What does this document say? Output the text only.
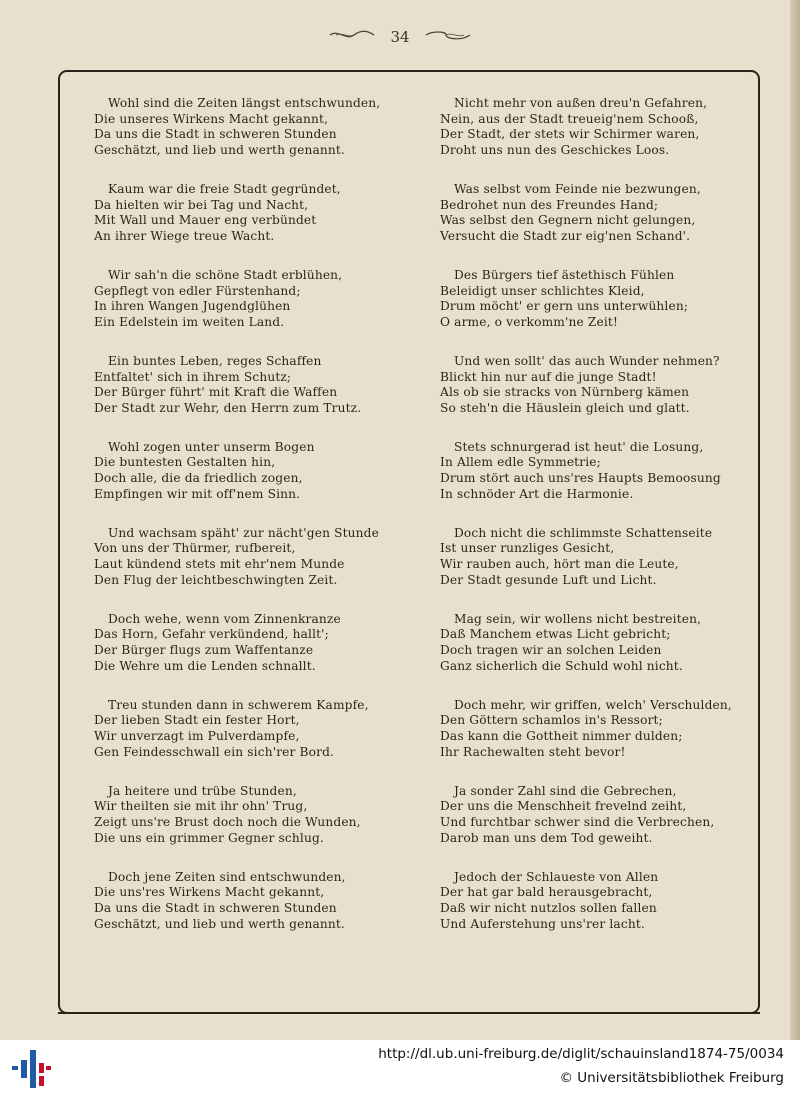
34
Wohl sind die Zeiten längst entschwunden,
Die unseres Wirkens Macht gekannt,
Da uns die Stadt in schweren Stunden
Geschätzt, und lieb und werth genannt.
Kaum war die freie Stadt gegründet,
Da hielten wir bei Tag und Nacht,
Mit Wall und Mauer eng verbündet
An ihrer Wiege treue Wacht.
Wir sah'n die schöne Stadt erblühen,
Gepflegt von edler Fürstenhand;
In ihren Wangen Jugendglühen
Ein Edelstein im weiten Land.
Ein buntes Leben, reges Schaffen
Entfaltet' sich in ihrem Schutz;
Der Bürger führt' mit Kraft die Waffen
Der Stadt zur Wehr, den Herrn zum Trutz.
Wohl zogen unter unserm Bogen
Die buntesten Gestalten hin,
Doch alle, die da friedlich zogen,
Empfingen wir mit off'nem Sinn.
Und wachsam späht' zur nächt'gen Stunde
Von uns der Thürmer, rufbereit,
Laut kündend stets mit ehr'nem Munde
Den Flug der leichtbeschwingten Zeit.
Doch wehe, wenn vom Zinnenkranze
Das Horn, Gefahr verkündend, hallt';
Der Bürger flugs zum Waffentanze
Die Wehre um die Lenden schnallt.
Treu stunden dann in schwerem Kampfe,
Der lieben Stadt ein fester Hort,
Wir unverzagt im Pulverdampfe,
Gen Feindesschwall ein sich'rer Bord.
Ja heitere und trübe Stunden,
Wir theilten sie mit ihr ohn' Trug,
Zeigt uns're Brust doch noch die Wunden,
Die uns ein grimmer Gegner schlug.
Doch jene Zeiten sind entschwunden,
Die uns'res Wirkens Macht gekannt,
Da uns die Stadt in schweren Stunden
Geschätzt, und lieb und werth genannt.
Nicht mehr von außen dreu'n Gefahren,
Nein, aus der Stadt treueig'nem Schooß,
Der Stadt, der stets wir Schirmer waren,
Droht uns nun des Geschickes Loos.
Was selbst vom Feinde nie bezwungen,
Bedrohet nun des Freundes Hand;
Was selbst den Gegnern nicht gelungen,
Versucht die Stadt zur eig'nen Schand'.
Des Bürgers tief ästethisch Fühlen
Beleidigt unser schlichtes Kleid,
Drum möcht' er gern uns unterwühlen;
O arme, o verkomm'ne Zeit!
Und wen sollt' das auch Wunder nehmen?
Blickt hin nur auf die junge Stadt!
Als ob sie stracks von Nürnberg kämen
So steh'n die Häuslein gleich und glatt.
Stets schnurgerad ist heut' die Losung,
In Allem edle Symmetrie;
Drum stört auch uns'res Haupts Bemoosung
In schnöder Art die Harmonie.
Doch nicht die schlimmste Schattenseite
Ist unser runzliges Gesicht,
Wir rauben auch, hört man die Leute,
Der Stadt gesunde Luft und Licht.
Mag sein, wir wollens nicht bestreiten,
Daß Manchem etwas Licht gebricht;
Doch tragen wir an solchen Leiden
Ganz sicherlich die Schuld wohl nicht.
Doch mehr, wir griffen, welch' Verschulden,
Den Göttern schamlos in's Ressort;
Das kann die Gottheit nimmer dulden;
Ihr Rachewalten steht bevor!
Ja sonder Zahl sind die Gebrechen,
Der uns die Menschheit frevelnd zeiht,
Und furchtbar schwer sind die Verbrechen,
Darob man uns dem Tod geweiht.
Jedoch der Schlaueste von Allen
Der hat gar bald herausgebracht,
Daß wir nicht nutzlos sollen fallen
Und Auferstehung uns'rer lacht.
http://dl.ub.uni-freiburg.de/diglit/schauinsland1874-75/0034
© Universitätsbibliothek Freiburg
